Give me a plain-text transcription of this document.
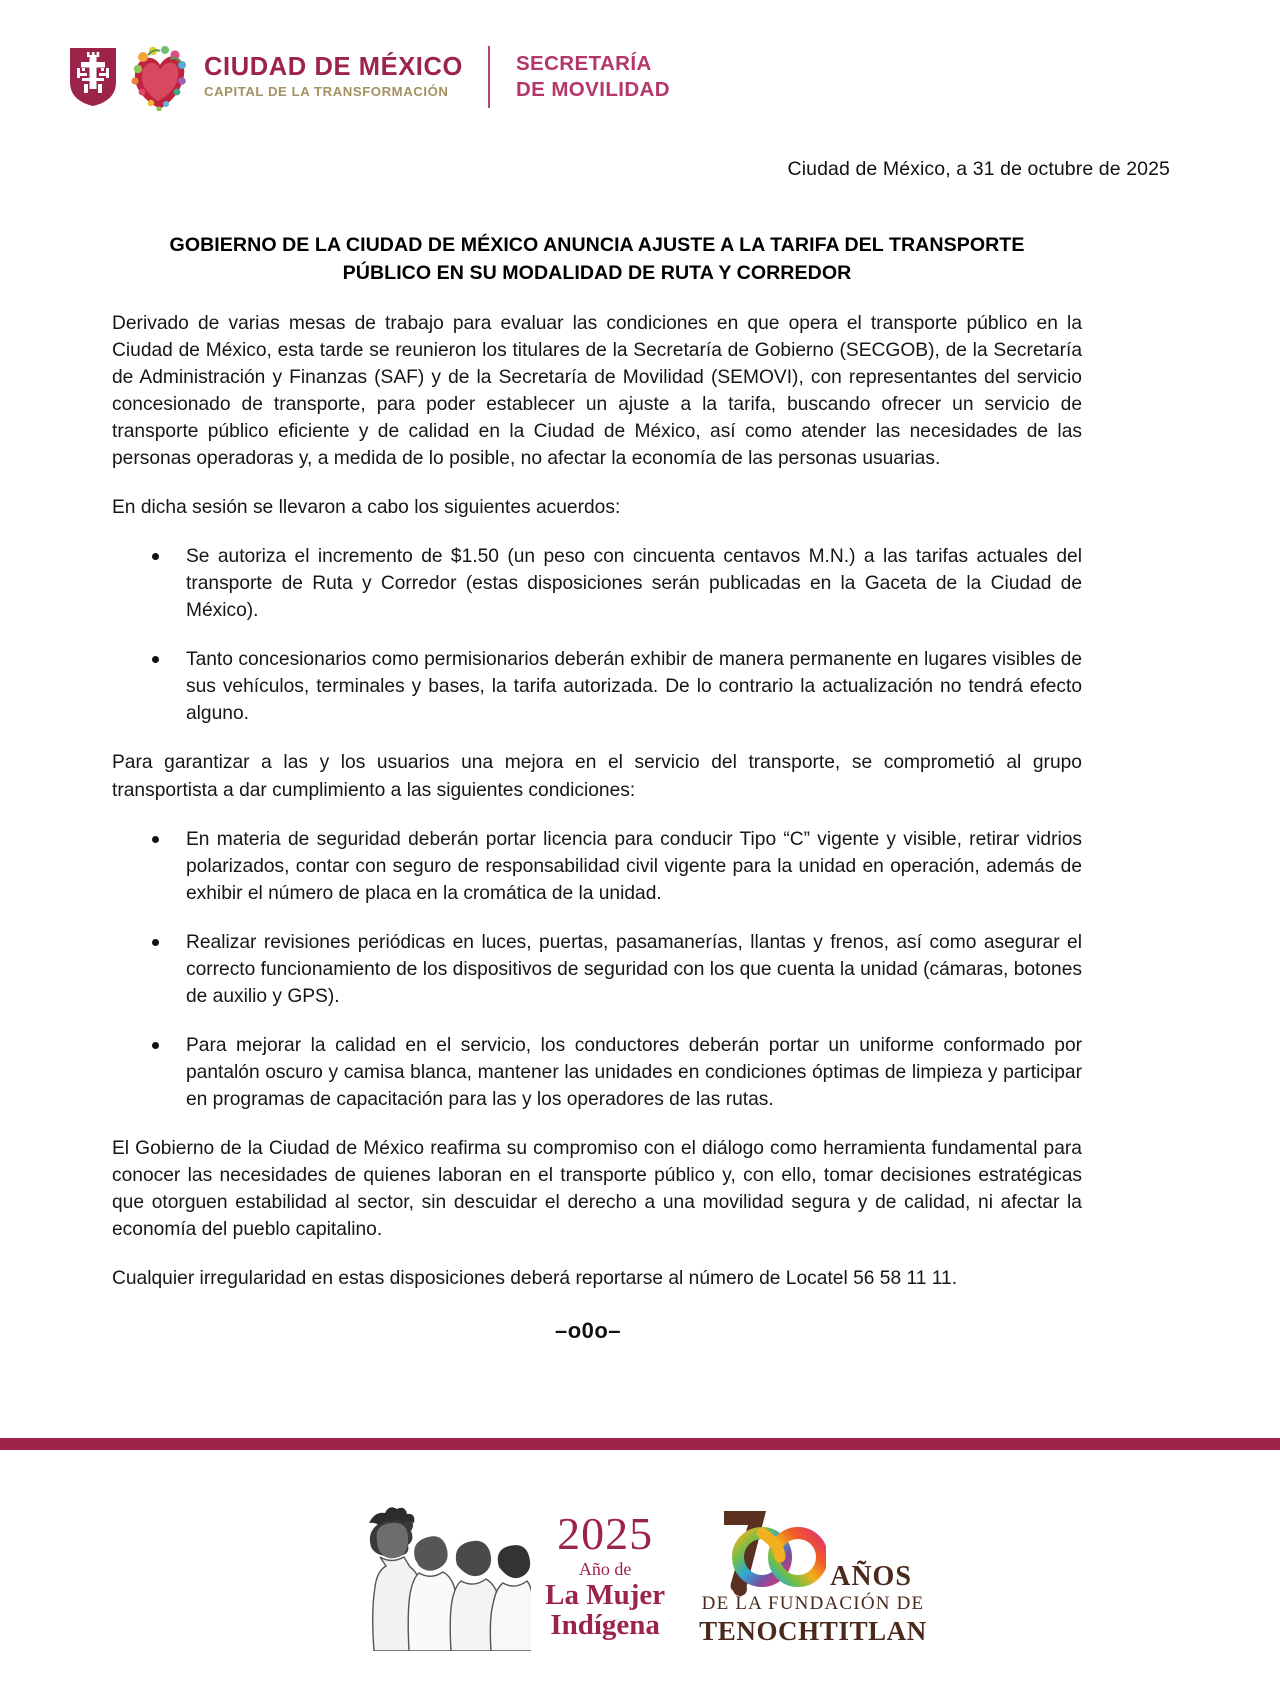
CIUDAD DE MÉXICO
CAPITAL DE LA TRANSFORMACIÓN
SECRETARÍA
DE MOVILIDAD
Ciudad de México, a 31 de octubre de 2025
GOBIERNO DE LA CIUDAD DE MÉXICO ANUNCIA AJUSTE A LA TARIFA DEL TRANSPORTE PÚBLICO EN SU MODALIDAD DE RUTA Y CORREDOR

Derivado de varias mesas de trabajo para evaluar las condiciones en que opera el transporte público en la Ciudad de México, esta tarde se reunieron los titulares de la Secretaría de Gobierno (SECGOB), de la Secretaría de Administración y Finanzas (SAF) y de la Secretaría de Movilidad (SEMOVI), con representantes del servicio concesionado de transporte, para poder establecer un ajuste a la tarifa, buscando ofrecer un servicio de transporte público eficiente y de calidad en la Ciudad de México, así como atender las necesidades de las personas operadoras y, a medida de lo posible, no afectar la economía de las personas usuarias.

En dicha sesión se llevaron a cabo los siguientes acuerdos:

Se autoriza el incremento de $1.50 (un peso con cincuenta centavos M.N.) a las tarifas actuales del transporte de Ruta y Corredor (estas disposiciones serán publicadas en la Gaceta de la Ciudad de México).
Tanto concesionarios como permisionarios deberán exhibir de manera permanente en lugares visibles de sus vehículos, terminales y bases, la tarifa autorizada. De lo contrario la actualización no tendrá efecto alguno.

Para garantizar a las y los usuarios una mejora en el servicio del transporte, se comprometió al grupo transportista a dar cumplimiento a las siguientes condiciones:

En materia de seguridad deberán portar licencia para conducir Tipo “C” vigente y visible, retirar vidrios polarizados, contar con seguro de responsabilidad civil vigente para la unidad en operación, además de exhibir el número de placa en la cromática de la unidad.
Realizar revisiones periódicas en luces, puertas, pasamanerías, llantas y frenos, así como asegurar el correcto funcionamiento de los dispositivos de seguridad con los que cuenta la unidad (cámaras, botones de auxilio y GPS).
Para mejorar la calidad en el servicio, los conductores deberán portar un uniforme conformado por pantalón oscuro y camisa blanca, mantener las unidades en condiciones óptimas de limpieza y participar en programas de capacitación para las y los operadores de las rutas.

El Gobierno de la Ciudad de México reafirma su compromiso con el diálogo como herramienta fundamental para conocer las necesidades de quienes laboran en el transporte público y, con ello, tomar decisiones estratégicas que otorguen estabilidad al sector, sin descuidar el derecho a una movilidad segura y de calidad, ni afectar la economía del pueblo capitalino.

Cualquier irregularidad en estas disposiciones deberá reportarse al número de Locatel 56 58 11 11.

–o0o–
2025
Año de
La Mujer
Indígena
AÑOS
DE LA FUNDACIÓN DE
TENOCHTITLAN
